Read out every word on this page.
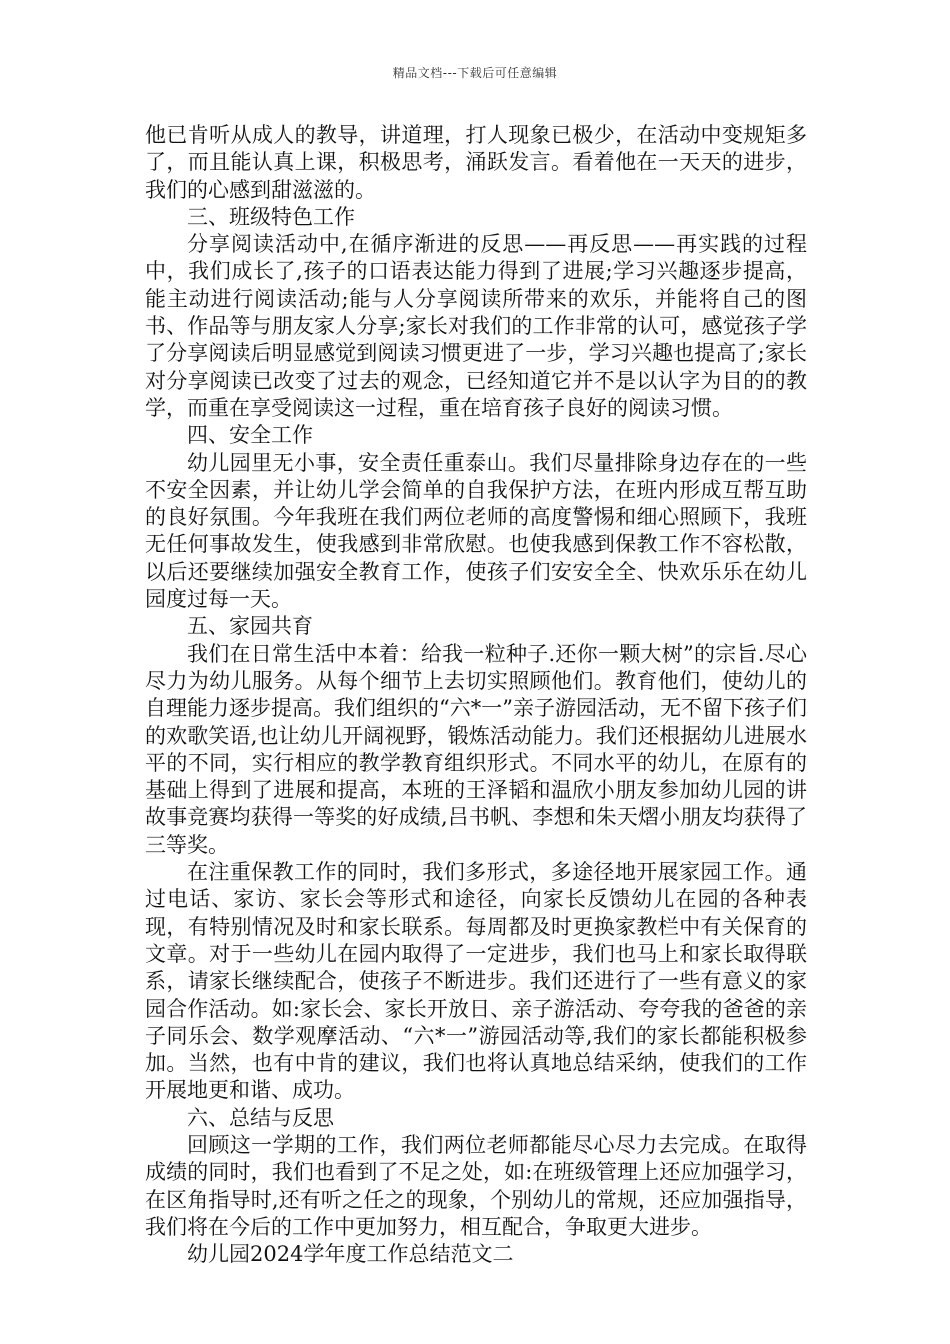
精品文档---下载后可任意编辑

他已肯听从成人的教导，讲道理，打人现象已极少，在活动中变规矩多了，而且能认真上课，积极思考，涌跃发言。看着他在一天天的进步，我们的心感到甜滋滋的。

三、班级特色工作

分享阅读活动中,在循序渐进的反思——再反思——再实践的过程中，我们成长了,孩子的口语表达能力得到了进展;学习兴趣逐步提高，能主动进行阅读活动;能与人分享阅读所带来的欢乐，并能将自己的图书、作品等与朋友家人分享;家长对我们的工作非常的认可，感觉孩子学了分享阅读后明显感觉到阅读习惯更进了一步，学习兴趣也提高了;家长对分享阅读已改变了过去的观念，已经知道它并不是以认字为目的的教学，而重在享受阅读这一过程，重在培育孩子良好的阅读习惯。

四、安全工作

幼儿园里无小事，安全责任重泰山。我们尽量排除身边存在的一些不安全因素，并让幼儿学会简单的自我保护方法，在班内形成互帮互助的良好氛围。今年我班在我们两位老师的高度警惕和细心照顾下，我班无任何事故发生，使我感到非常欣慰。也使我感到保教工作不容松散，以后还要继续加强安全教育工作，使孩子们安安全全、快欢乐乐在幼儿园度过每一天。

五、家园共育

我们在日常生活中本着：给我一粒种子.还你一颗大树”的宗旨.尽心尽力为幼儿服务。从每个细节上去切实照顾他们。教育他们，使幼儿的自理能力逐步提高。我们组织的“六*一”亲子游园活动，无不留下孩子们的欢歌笑语,也让幼儿开阔视野，锻炼活动能力。我们还根据幼儿进展水平的不同，实行相应的教学教育组织形式。不同水平的幼儿，在原有的基础上得到了进展和提高，本班的王泽韬和温欣小朋友参加幼儿园的讲故事竞赛均获得一等奖的好成绩,吕书帆、李想和朱天熠小朋友均获得了三等奖。

在注重保教工作的同时，我们多形式，多途径地开展家园工作。通过电话、家访、家长会等形式和途径，向家长反馈幼儿在园的各种表现，有特别情况及时和家长联系。每周都及时更换家教栏中有关保育的文章。对于一些幼儿在园内取得了一定进步，我们也马上和家长取得联系，请家长继续配合，使孩子不断进步。我们还进行了一些有意义的家园合作活动。如:家长会、家长开放日、亲子游活动、夸夸我的爸爸的亲子同乐会、数学观摩活动、“六*一”游园活动等,我们的家长都能积极参加。当然，也有中肯的建议，我们也将认真地总结采纳，使我们的工作开展地更和谐、成功。

六、总结与反思

回顾这一学期的工作，我们两位老师都能尽心尽力去完成。在取得成绩的同时，我们也看到了不足之处，如:在班级管理上还应加强学习，在区角指导时,还有听之任之的现象，个别幼儿的常规，还应加强指导，我们将在今后的工作中更加努力，相互配合，争取更大进步。

幼儿园2024学年度工作总结范文二
